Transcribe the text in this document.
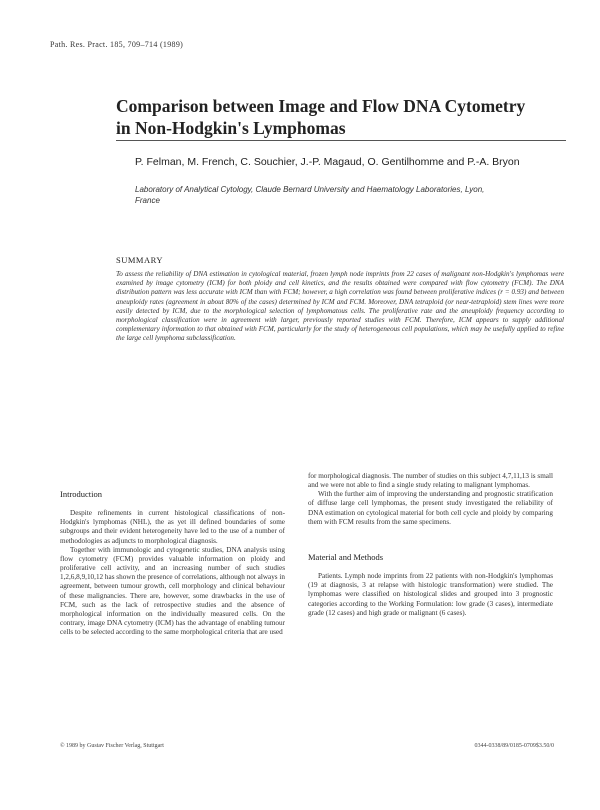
Path. Res. Pract. 185, 709–714 (1989)
Comparison between Image and Flow DNA Cytometry in Non-Hodgkin's Lymphomas
P. Felman, M. French, C. Souchier, J.-P. Magaud, O. Gentilhomme and P.-A. Bryon
Laboratory of Analytical Cytology, Claude Bernard University and Haematology Laboratories, Lyon, France
SUMMARY
To assess the reliability of DNA estimation in cytological material, frozen lymph node imprints from 22 cases of malignant non-Hodgkin's lymphomas were examined by image cytometry (ICM) for both ploidy and cell kinetics, and the results obtained were compared with flow cytometry (FCM). The DNA distribution pattern was less accurate with ICM than with FCM; however, a high correlation was found between proliferative indices (r = 0.93) and between aneuploidy rates (agreement in about 80% of the cases) determined by ICM and FCM. Moreover, DNA tetraploid (or near-tetraploid) stem lines were more easily detected by ICM, due to the morphological selection of lymphomatous cells. The proliferative rate and the aneuploidy frequency according to morphological classification were in agreement with larger, previously reported studies with FCM. Therefore, ICM appears to supply additional complementary information to that obtained with FCM, particularly for the study of heterogeneous cell populations, which may be usefully applied to refine the large cell lymphoma subclassification.
Introduction

Despite refinements in current histological classifications of non-Hodgkin's lymphomas (NHL), the as yet ill defined boundaries of some subgroups and their evident heterogeneity have led to the use of a number of methodologies as adjuncts to morphological diagnosis.

Together with immunologic and cytogenetic studies, DNA analysis using flow cytometry (FCM) provides valuable information on ploidy and proliferative cell activity, and an increasing number of such studies 1,2,6,8,9,10,12 has shown the presence of correlations, although not always in agreement, between tumour growth, cell morphology and clinical behaviour of these malignancies. There are, however, some drawbacks in the use of FCM, such as the lack of retrospective studies and the absence of morphological information on the individually measured cells. On the contrary, image DNA cytometry (ICM) has the advantage of enabling tumour cells to be selected according to the same morphological criteria that are used

for morphological diagnosis. The number of studies on this subject 4,7,11,13 is small and we were not able to find a single study relating to malignant lymphomas.

With the further aim of improving the understanding and prognostic stratification of diffuse large cell lymphomas, the present study investigated the reliability of DNA estimation on cytological material for both cell cycle and ploidy by comparing them with FCM results from the same specimens.

Material and Methods

Patients. Lymph node imprints from 22 patients with non-Hodgkin's lymphomas (19 at diagnosis, 3 at relapse with histologic transformation) were studied. The lymphomas were classified on histological slides and grouped into 3 prognostic categories according to the Working Formulation: low grade (3 cases), intermediate grade (12 cases) and high grade or malignant (6 cases).

© 1989 by Gustav Fischer Verlag, Stuttgart	0344-0338/89/0185-0709$3.50/0
